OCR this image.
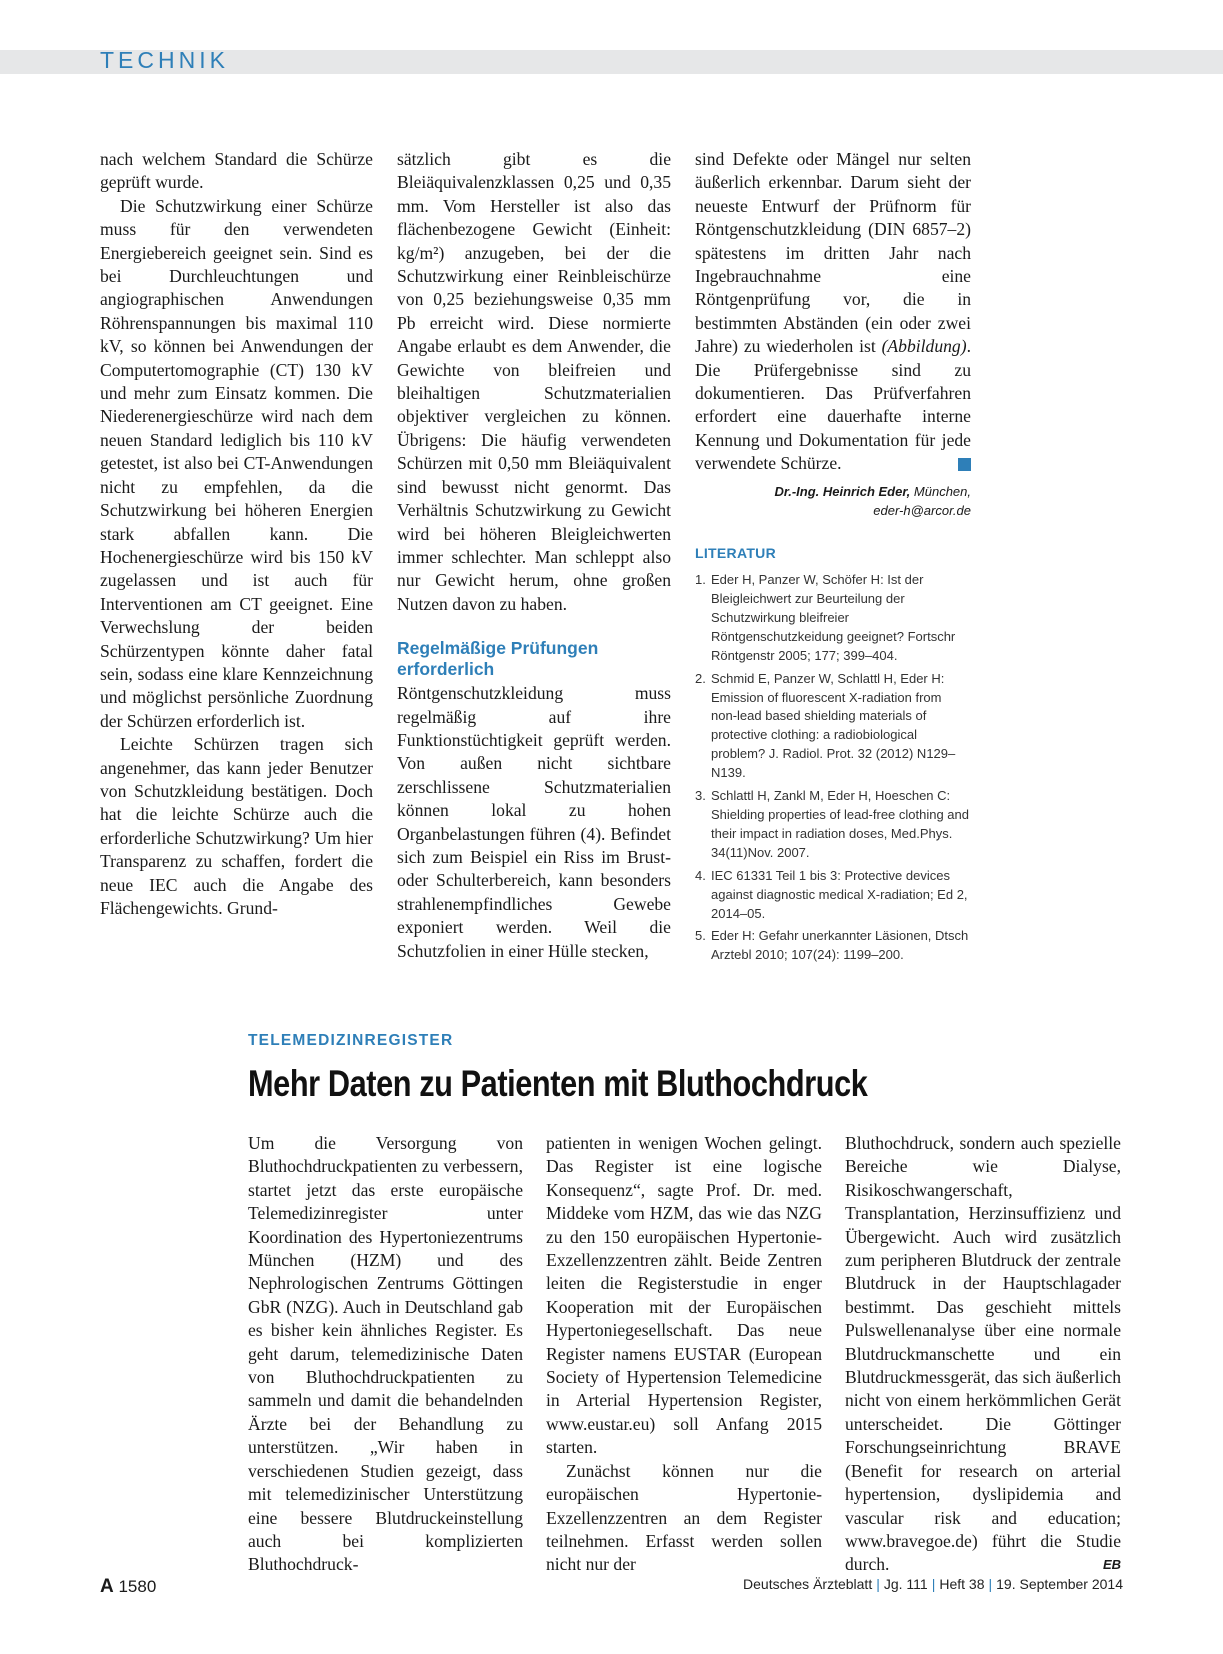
TECHNIK

nach welchem Standard die Schürze geprüft wurde.

Die Schutzwirkung einer Schürze muss für den verwendeten Energiebereich geeignet sein. Sind es bei Durchleuchtungen und angiographischen Anwendungen Röhrenspannungen bis maximal 110 kV, so können bei Anwendungen der Computertomographie (CT) 130 kV und mehr zum Einsatz kommen. Die Niederenergieschürze wird nach dem neuen Standard lediglich bis 110 kV getestet, ist also bei CT-Anwendungen nicht zu empfehlen, da die Schutzwirkung bei höheren Energien stark abfallen kann. Die Hochenergieschürze wird bis 150 kV zugelassen und ist auch für Interventionen am CT geeignet. Eine Verwechslung der beiden Schürzentypen könnte daher fatal sein, sodass eine klare Kennzeichnung und möglichst persönliche Zuordnung der Schürzen erforderlich ist.

Leichte Schürzen tragen sich angenehmer, das kann jeder Benutzer von Schutzkleidung bestätigen. Doch hat die leichte Schürze auch die erforderliche Schutzwirkung? Um hier Transparenz zu schaffen, fordert die neue IEC auch die Angabe des Flächengewichts. Grund-

sätzlich gibt es die Bleiäquivalenzklassen 0,25 und 0,35 mm. Vom Hersteller ist also das flächenbezogene Gewicht (Einheit: kg/m²) anzugeben, bei der die Schutzwirkung einer Reinbleischürze von 0,25 beziehungsweise 0,35 mm Pb erreicht wird. Diese normierte Angabe erlaubt es dem Anwender, die Gewichte von bleifreien und bleihaltigen Schutzmaterialien objektiver vergleichen zu können. Übrigens: Die häufig verwendeten Schürzen mit 0,50 mm Bleiäquivalent sind bewusst nicht genormt. Das Verhältnis Schutzwirkung zu Gewicht wird bei höheren Bleigleichwerten immer schlechter. Man schleppt also nur Gewicht herum, ohne großen Nutzen davon zu haben.

Regelmäßige Prüfungen erforderlich

Röntgenschutzkleidung muss regelmäßig auf ihre Funktionstüchtigkeit geprüft werden. Von außen nicht sichtbare zerschlissene Schutzmaterialien können lokal zu hohen Organbelastungen führen (4). Befindet sich zum Beispiel ein Riss im Brust- oder Schulterbereich, kann besonders strahlenempfindliches Gewebe exponiert werden. Weil die Schutzfolien in einer Hülle stecken,

sind Defekte oder Mängel nur selten äußerlich erkennbar. Darum sieht der neueste Entwurf der Prüfnorm für Röntgenschutzkleidung (DIN 6857–2) spätestens im dritten Jahr nach Ingebrauchnahme eine Röntgenprüfung vor, die in bestimmten Abständen (ein oder zwei Jahre) zu wiederholen ist (Abbildung). Die Prüfergebnisse sind zu dokumentieren. Das Prüfverfahren erfordert eine dauerhafte interne Kennung und Dokumentation für jede verwendete Schürze.

Dr.-Ing. Heinrich Eder, München,
eder-h@arcor.de
LITERATUR
1. Eder H, Panzer W, Schöfer H: Ist der Bleigleichwert zur Beurteilung der Schutzwirkung bleifreier Röntgenschutzkeidung geeignet? Fortschr Röntgenstr 2005; 177; 399–404.
2. Schmid E, Panzer W, Schlattl H, Eder H: Emission of fluorescent X-radiation from non-lead based shielding materials of protective clothing: a radiobiological problem? J. Radiol. Prot. 32 (2012) N129–N139.
3. Schlattl H, Zankl M, Eder H, Hoeschen C: Shielding properties of lead-free clothing and their impact in radiation doses, Med.Phys. 34(11)Nov. 2007.
4. IEC 61331 Teil 1 bis 3: Protective devices against diagnostic medical X-radiation; Ed 2, 2014–05.
5. Eder H: Gefahr unerkannter Läsionen, Dtsch Arztebl 2010; 107(24): 1199–200.
TELEMEDIZINREGISTER
Mehr Daten zu Patienten mit Bluthochdruck

Um die Versorgung von Bluthochdruckpatienten zu verbessern, startet jetzt das erste europäische Telemedizinregister unter Koordination des Hypertoniezentrums München (HZM) und des Nephrologischen Zentrums Göttingen GbR (NZG). Auch in Deutschland gab es bisher kein ähnliches Register. Es geht darum, telemedizinische Daten von Bluthochdruckpatienten zu sammeln und damit die behandelnden Ärzte bei der Behandlung zu unterstützen. „Wir haben in verschiedenen Studien gezeigt, dass mit telemedizinischer Unterstützung eine bessere Blutdruckeinstellung auch bei komplizierten Bluthochdruck-

patienten in wenigen Wochen gelingt. Das Register ist eine logische Konsequenz“, sagte Prof. Dr. med. Middeke vom HZM, das wie das NZG zu den 150 europäischen Hypertonie-Exzellenzzentren zählt. Beide Zentren leiten die Registerstudie in enger Kooperation mit der Europäischen Hypertoniegesellschaft. Das neue Register namens EUSTAR (European Society of Hypertension Telemedicine in Arterial Hypertension Register, www.eustar.eu) soll Anfang 2015 starten.

Zunächst können nur die europäischen Hypertonie-Exzellenzzentren an dem Register teilnehmen. Erfasst werden sollen nicht nur der

Bluthochdruck, sondern auch spezielle Bereiche wie Dialyse, Risikoschwangerschaft, Transplantation, Herzinsuffizienz und Übergewicht. Auch wird zusätzlich zum peripheren Blutdruck der zentrale Blutdruck in der Hauptschlagader bestimmt. Das geschieht mittels Pulswellenanalyse über eine normale Blutdruckmanschette und ein Blutdruckmessgerät, das sich äußerlich nicht von einem herkömmlichen Gerät unterscheidet. Die Göttinger Forschungseinrichtung BRAVE (Benefit for research on arterial hypertension, dyslipidemia and vascular risk and education; www.bravegoe.de) führt die Studie durch.	EB

A 1580	Deutsches Ärzteblatt | Jg. 111 | Heft 38 | 19. September 2014
